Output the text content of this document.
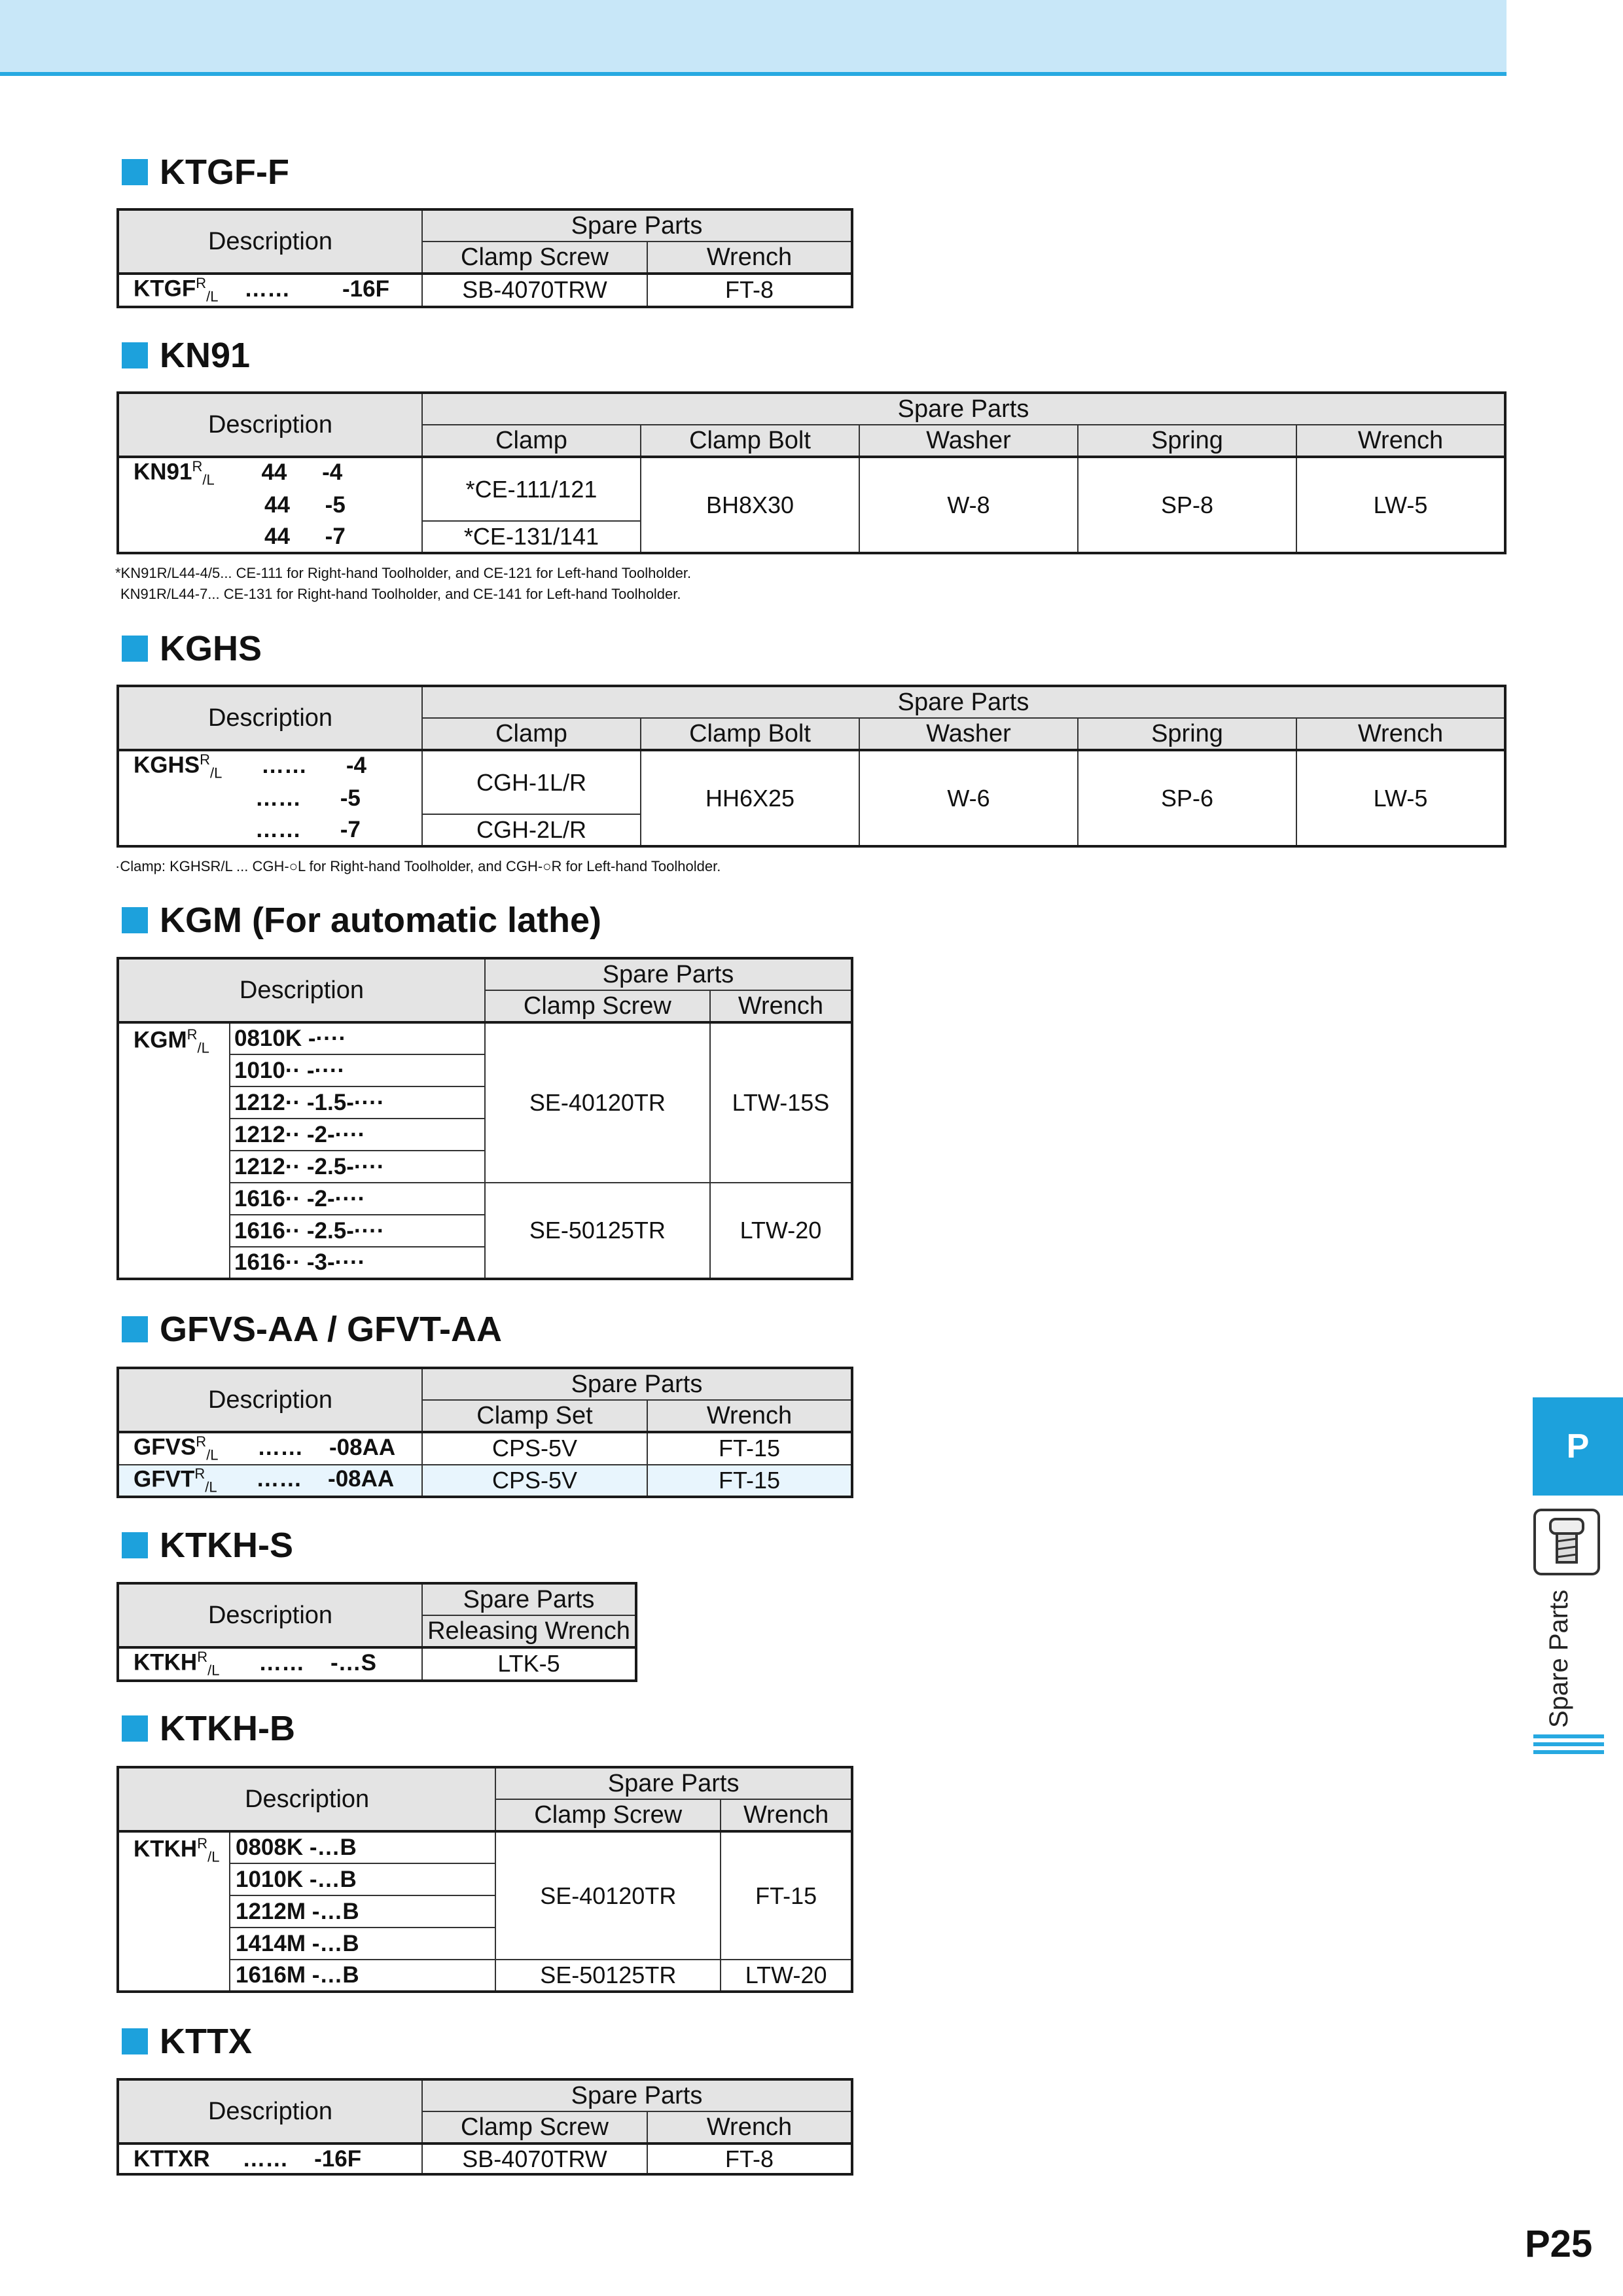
KTGF-F
Description	Spare Parts	
	Clamp Screw	Wrench
$KTGF^R_{/L}$ …… -16F	SB-4070TRW	FT-8
KN91
Description	Spare Parts				
	Clamp	Clamp Bolt	Washer	Spring	Wrench
$KN91^R_{/L}$ 44 -4	*CE-111/121	BH8X30	W-8	SP-8	LW-5
44 -5					
44 -7	*CE-131/141				
*KN91R/L44-4/5... CE-111 for Right-hand Toolholder, and CE-121 for Left-hand Toolholder.
KN91R/L44-7... CE-131 for Right-hand Toolholder, and CE-141 for Left-hand Toolholder.
KGHS
Description	Spare Parts				
	Clamp	Clamp Bolt	Washer	Spring	Wrench
$KGHS^R_{/L}$ …… -4	CGH-1L/R	HH6X25	W-6	SP-6	LW-5
…… -5					
…… -7	CGH-2L/R				
·Clamp: KGHSR/L ... CGH-○L for Right-hand Toolholder, and CGH-○R for Left-hand Toolholder.
KGM (For automatic lathe)
Description		Spare Parts	
		Clamp Screw	Wrench
$KGM^R_{/L}$	0810K -····	SE-40120TR	LTW-15S
	1010·· -····		
	1212·· -1.5-····		
	1212·· -2-····		
	1212·· -2.5-····		
	1616·· -2-····	SE-50125TR	LTW-20
	1616·· -2.5-····		
	1616·· -3-····		
GFVS-AA / GFVT-AA
Description	Spare Parts	
	Clamp Set	Wrench
$GFVS^R_{/L}$ …… -08AA	CPS-5V	FT-15
$GFVT^R_{/L}$ …… -08AA	CPS-5V	FT-15
KTKH-S
Description	Spare Parts
	Releasing Wrench
$KTKH^R_{/L}$ …… -…S	LTK-5
KTKH-B
Description		Spare Parts	
		Clamp Screw	Wrench
$KTKH^R_{/L}$	0808K -…B	SE-40120TR	FT-15
	1010K -…B		
	1212M -…B		
	1414M -…B		
	1616M -…B	SE-50125TR	LTW-20
KTTX
Description	Spare Parts	
	Clamp Screw	Wrench
KTTXR …… -16F	SB-4070TRW	FT-8
P
Spare Parts
P25
